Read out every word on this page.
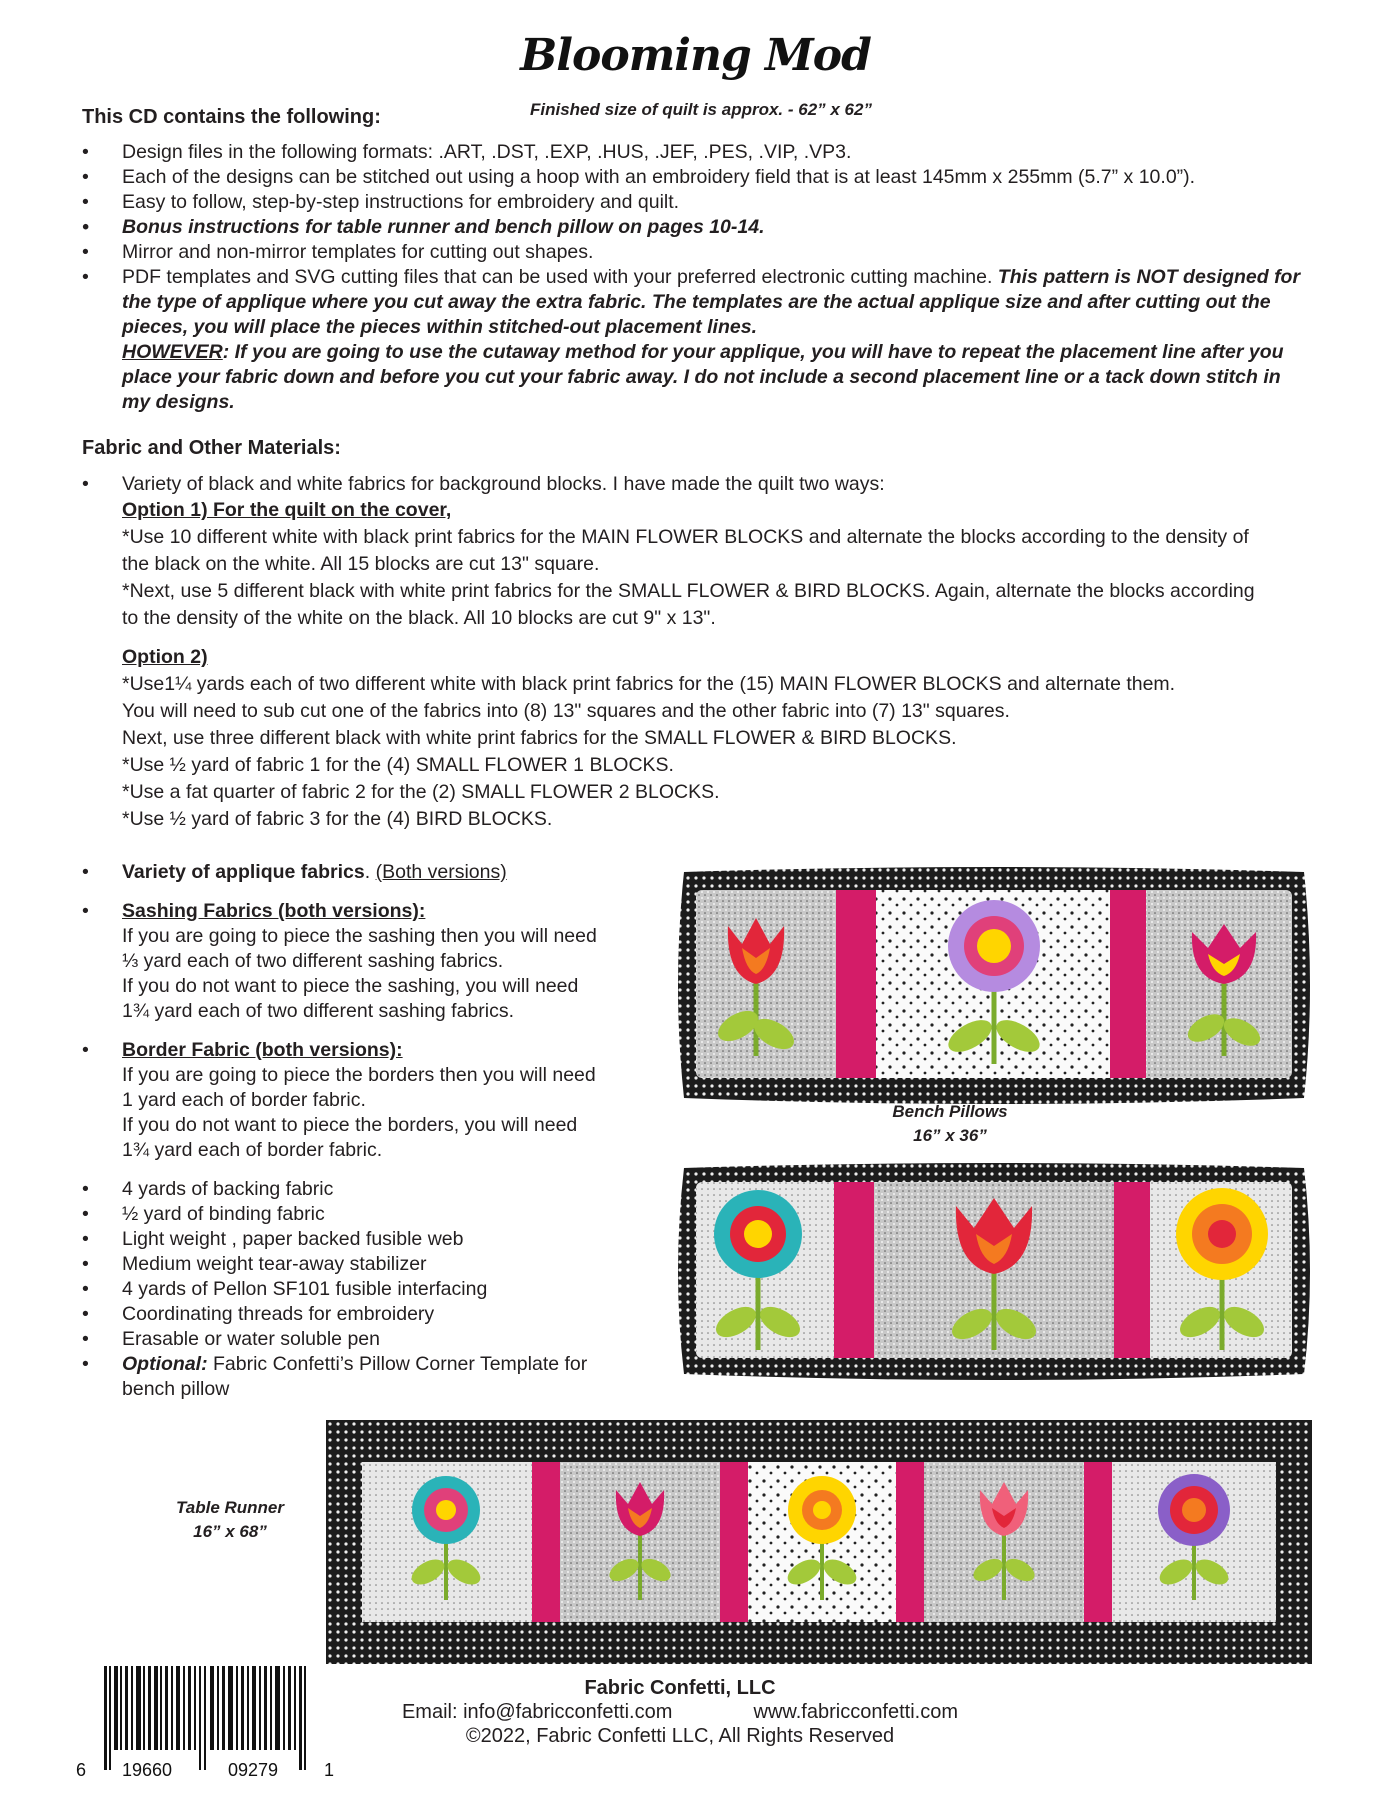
Blooming Mod
Finished size of quilt is approx. - 62” x 62”
This CD contains the following:
• Design files in the following formats: .ART, .DST, .EXP, .HUS, .JEF, .PES, .VIP, .VP3.
• Each of the designs can be stitched out using a hoop with an embroidery field that is at least 145mm x 255mm (5.7” x 10.0”).
• Easy to follow, step-by-step instructions for embroidery and quilt.
• Bonus instructions for table runner and bench pillow on pages 10-14.
• Mirror and non-mirror templates for cutting out shapes.
• PDF templates and SVG cutting files that can be used with your preferred electronic cutting machine. This pattern is NOT designed for the type of applique where you cut away the extra fabric. The templates are the actual applique size and after cutting out the pieces, you will place the pieces within stitched-out placement lines.
HOWEVER: If you are going to use the cutaway method for your applique, you will have to repeat the placement line after you place your fabric down and before you cut your fabric away. I do not include a second placement line or a tack down stitch in my designs.
Fabric and Other Materials:
• Variety of black and white fabrics for background blocks. I have made the quilt two ways:
Option 1) For the quilt on the cover,
*Use 10 different white with black print fabrics for the MAIN FLOWER BLOCKS and alternate the blocks according to the density of the black on the white. All 15 blocks are cut 13" square.
*Next, use 5 different black with white print fabrics for the SMALL FLOWER & BIRD BLOCKS. Again, alternate the blocks according to the density of the white on the black. All 10 blocks are cut 9" x 13".
Option 2)
*Use1¼ yards each of two different white with black print fabrics for the (15) MAIN FLOWER BLOCKS and alternate them.
You will need to sub cut one of the fabrics into (8) 13" squares and the other fabric into (7) 13" squares.
Next, use three different black with white print fabrics for the SMALL FLOWER & BIRD BLOCKS.
*Use ½ yard of fabric 1 for the (4) SMALL FLOWER 1 BLOCKS.
*Use a fat quarter of fabric 2 for the (2) SMALL FLOWER 2 BLOCKS.
*Use ½ yard of fabric 3 for the (4) BIRD BLOCKS.
• Variety of applique fabrics. (Both versions)
• Sashing Fabrics (both versions):
If you are going to piece the sashing then you will need
⅓ yard each of two different sashing fabrics.
If you do not want to piece the sashing, you will need
1¾ yard each of two different sashing fabrics.
• Border Fabric (both versions):
If you are going to piece the borders then you will need
1 yard each of border fabric.
If you do not want to piece the borders, you will need
1¾ yard each of border fabric.
• 4 yards of backing fabric
• ½ yard of binding fabric
• Light weight , paper backed fusible web
• Medium weight tear-away stabilizer
• 4 yards of Pellon SF101 fusible interfacing
• Coordinating threads for embroidery
• Erasable or water soluble pen
• Optional: Fabric Confetti’s Pillow Corner Template for bench pillow
Bench Pillows
16” x 36”
Table Runner
16” x 68”
6 19660	09279	1
Fabric Confetti, LLC
Email: info@fabricconfetti.com	www.fabricconfetti.com
©2022, Fabric Confetti LLC, All Rights Reserved
